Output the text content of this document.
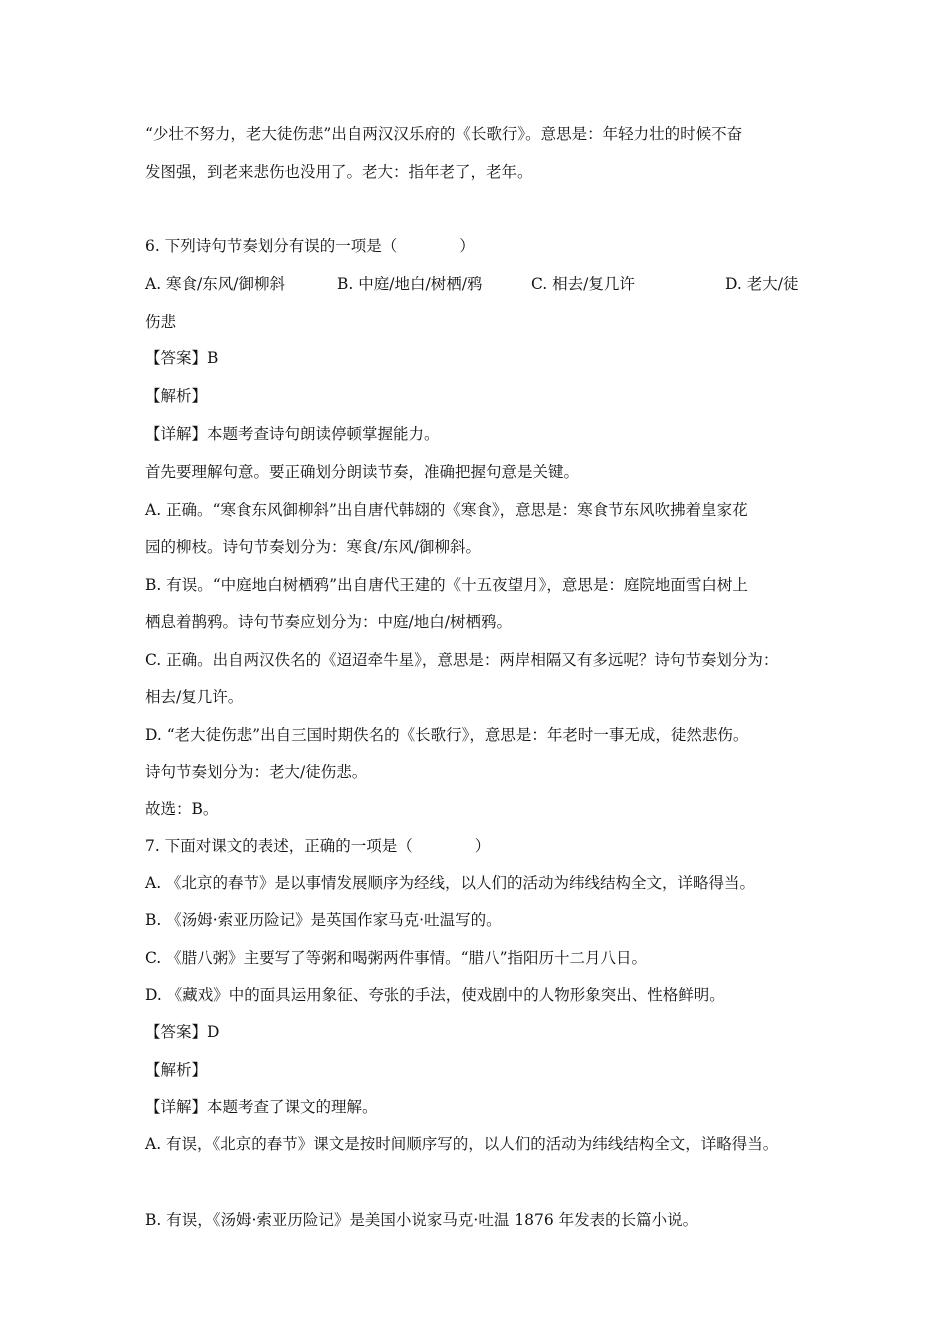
“少壮不努力，老大徒伤悲”出自两汉汉乐府的《长歌行》。意思是：年轻力壮的时候不奋
发图强，到老来悲伤也没用了。老大：指年老了，老年。
6. 下列诗句节奏划分有误的一项是（　　　　）
A. 寒食/东风/御柳斜	B. 中庭/地白/树栖/鸦	C. 相去/复几许	D. 老大/徒
伤悲
【答案】B
【解析】
【详解】本题考查诗句朗读停顿掌握能力。
首先要理解句意。要正确划分朗读节奏，准确把握句意是关键。
A. 正确。“寒食东风御柳斜”出自唐代韩翃的《寒食》，意思是：寒食节东风吹拂着皇家花
园的柳枝。诗句节奏划分为：寒食/东风/御柳斜。
B. 有误。“中庭地白树栖鸦”出自唐代王建的《十五夜望月》，意思是：庭院地面雪白树上
栖息着鹊鸦。诗句节奏应划分为：中庭/地白/树栖鸦。
C. 正确。出自两汉佚名的《迢迢牵牛星》，意思是：两岸相隔又有多远呢？诗句节奏划分为：
相去/复几许。
D. “老大徒伤悲”出自三国时期佚名的《长歌行》，意思是：年老时一事无成，徒然悲伤。
诗句节奏划分为：老大/徒伤悲。
故选：B。
7. 下面对课文的表述，正确的一项是（　　　　）
A. 《北京的春节》是以事情发展顺序为经线，以人们的活动为纬线结构全文，详略得当。
B. 《汤姆·索亚历险记》是英国作家马克·吐温写的。
C. 《腊八粥》主要写了等粥和喝粥两件事情。“腊八”指阳历十二月八日。
D. 《藏戏》中的面具运用象征、夸张的手法，使戏剧中的人物形象突出、性格鲜明。
【答案】D
【解析】
【详解】本题考查了课文的理解。
A. 有误，《北京的春节》课文是按时间顺序写的，以人们的活动为纬线结构全文，详略得当。
B. 有误，《汤姆·索亚历险记》是美国小说家马克·吐温 1876 年发表的长篇小说。
